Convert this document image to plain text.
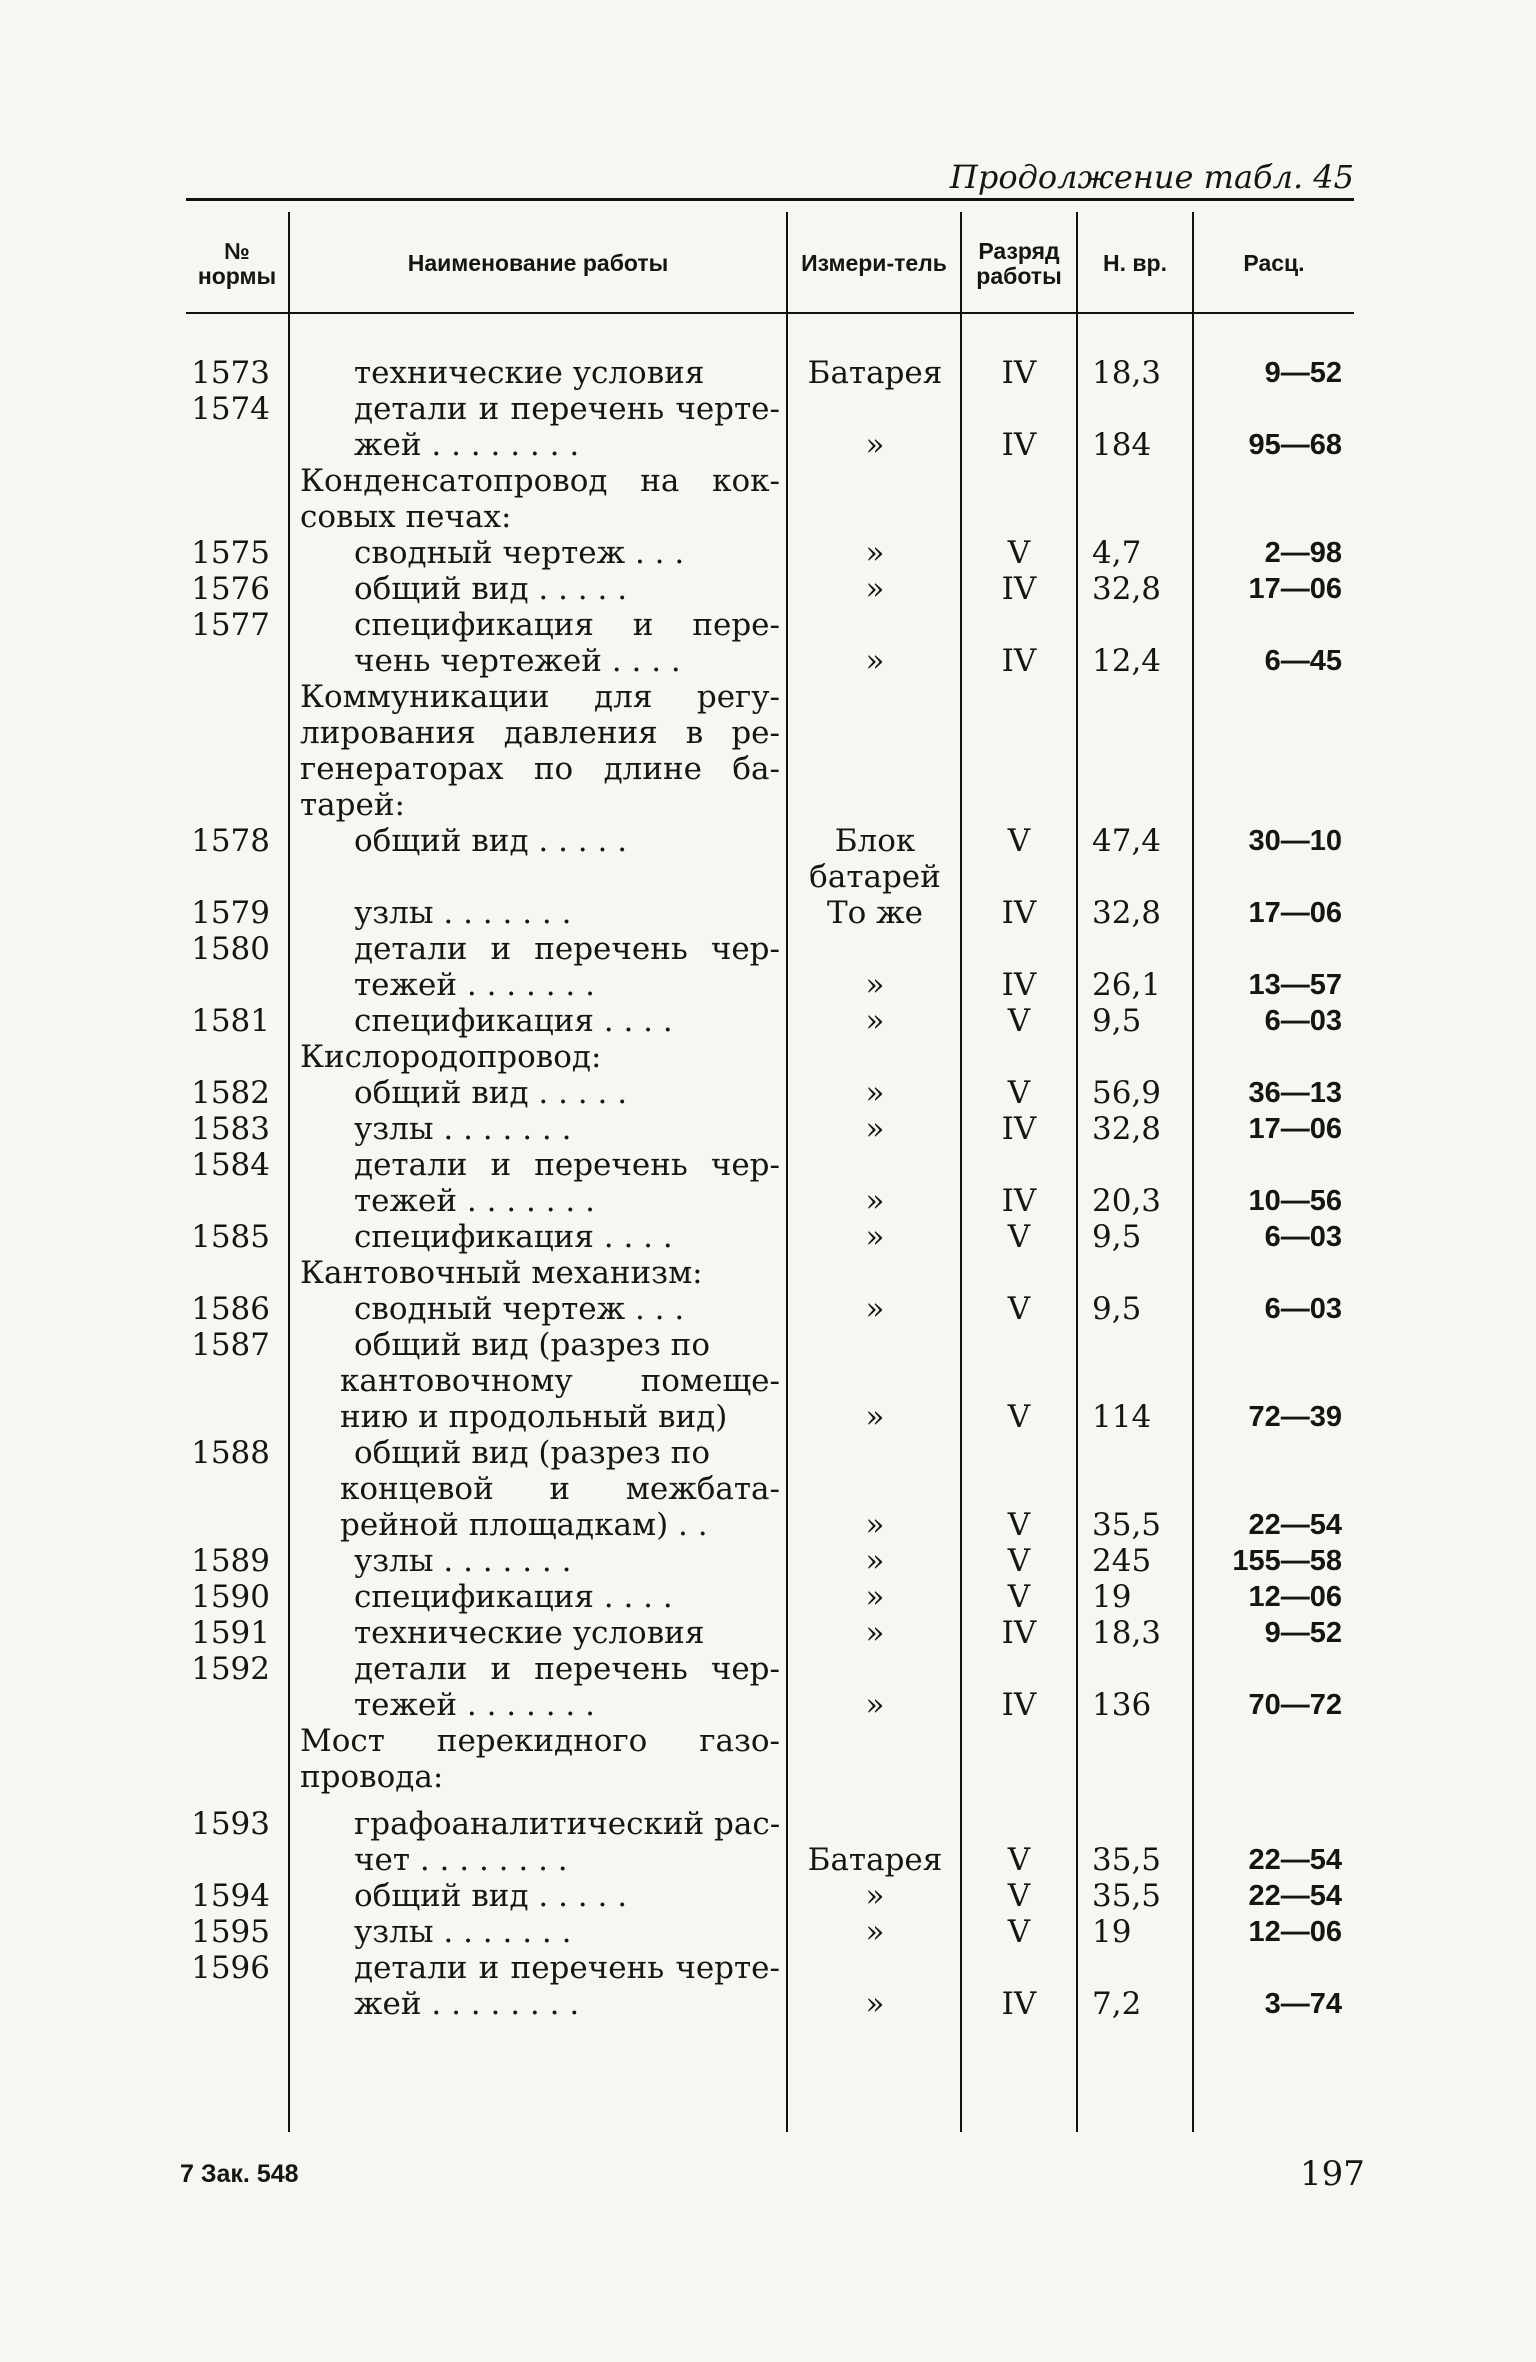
Продолжение табл. 45
№ нормы	Наименование работы	Измери-тель	Разряд работы	Н. вр.	Расц.
1573	технические условия	Батарея	IV	18,3	9—52
1574	детали и перечень черте-
жей . . . . . . . .	»	IV	184	95—68
Конденсатопровод на кок-
совых печах:
1575	сводный чертеж . . .	»	V	4,7	2—98
1576	общий вид . . . . .	»	IV	32,8	17—06
1577	спецификация и пере-
чень чертежей . . . .	»	IV	12,4	6—45
Коммуникации для регу-
лирования давления в ре-
генераторах по длине ба-
тарей:
1578	общий вид . . . . .	Блок	V	47,4	30—10
батарей
1579	узлы . . . . . . .	То же	IV	32,8	17—06
1580	детали и перечень чер-
тежей . . . . . . .	»	IV	26,1	13—57
1581	спецификация . . . .	»	V	9,5	6—03
Кислородопровод:
1582	общий вид . . . . .	»	V	56,9	36—13
1583	узлы . . . . . . .	»	IV	32,8	17—06
1584	детали и перечень чер-
тежей . . . . . . .	»	IV	20,3	10—56
1585	спецификация . . . .	»	V	9,5	6—03
Кантовочный механизм:
1586	сводный чертеж . . .	»	V	9,5	6—03
1587	общий вид (разрез по
кантовочному помеще-
нию и продольный вид)	»	V	114	72—39
1588	общий вид (разрез по
концевой и межбата-
рейной площадкам) . .	»	V	35,5	22—54
1589	узлы . . . . . . .	»	V	245	155—58
1590	спецификация . . . .	»	V	19	12—06
1591	технические условия	»	IV	18,3	9—52
1592	детали и перечень чер-
тежей . . . . . . .	»	IV	136	70—72
Мост перекидного газо-
провода:
1593	графоаналитический рас-
чет . . . . . . . .	Батарея	V	35,5	22—54
1594	общий вид . . . . .	»	V	35,5	22—54
1595	узлы . . . . . . .	»	V	19	12—06
1596	детали и перечень черте-
жей . . . . . . . .	»	IV	7,2	3—74
7 Зак. 548	197
